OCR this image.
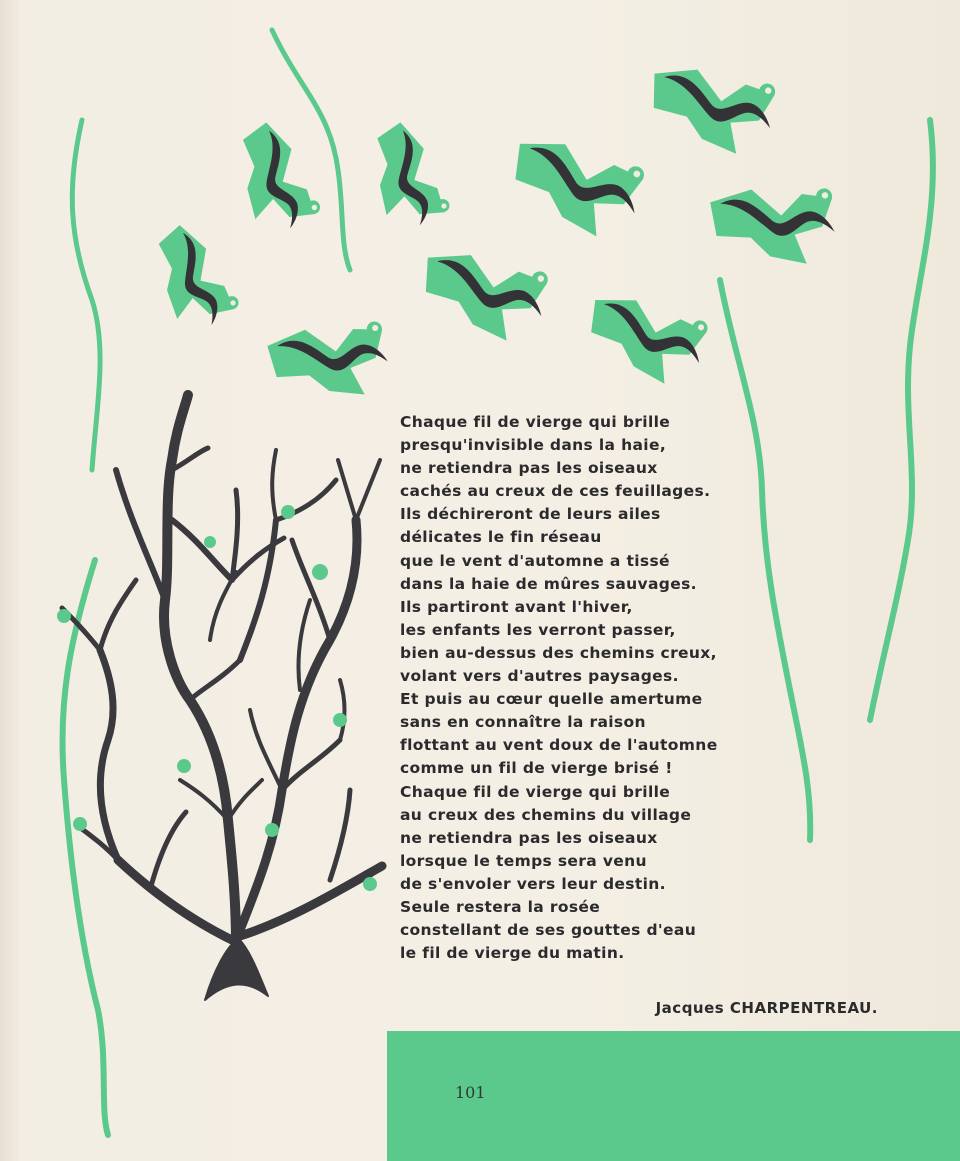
Chaque fil de vierge qui brille
presqu'invisible dans la haie,
ne retiendra pas les oiseaux
cachés au creux de ces feuillages.
Ils déchireront de leurs ailes
délicates le fin réseau
que le vent d'automne a tissé
dans la haie de mûres sauvages.
Ils partiront avant l'hiver,
les enfants les verront passer,
bien au-dessus des chemins creux,
volant vers d'autres paysages.
Et puis au cœur quelle amertume
sans en connaître la raison
flottant au vent doux de l'automne
comme un fil de vierge brisé !
Chaque fil de vierge qui brille
au creux des chemins du village
ne retiendra pas les oiseaux
lorsque le temps sera venu
de s'envoler vers leur destin.
Seule restera la rosée
constellant de ses gouttes d'eau
le fil de vierge du matin.
Jacques CHARPENTREAU.
101
